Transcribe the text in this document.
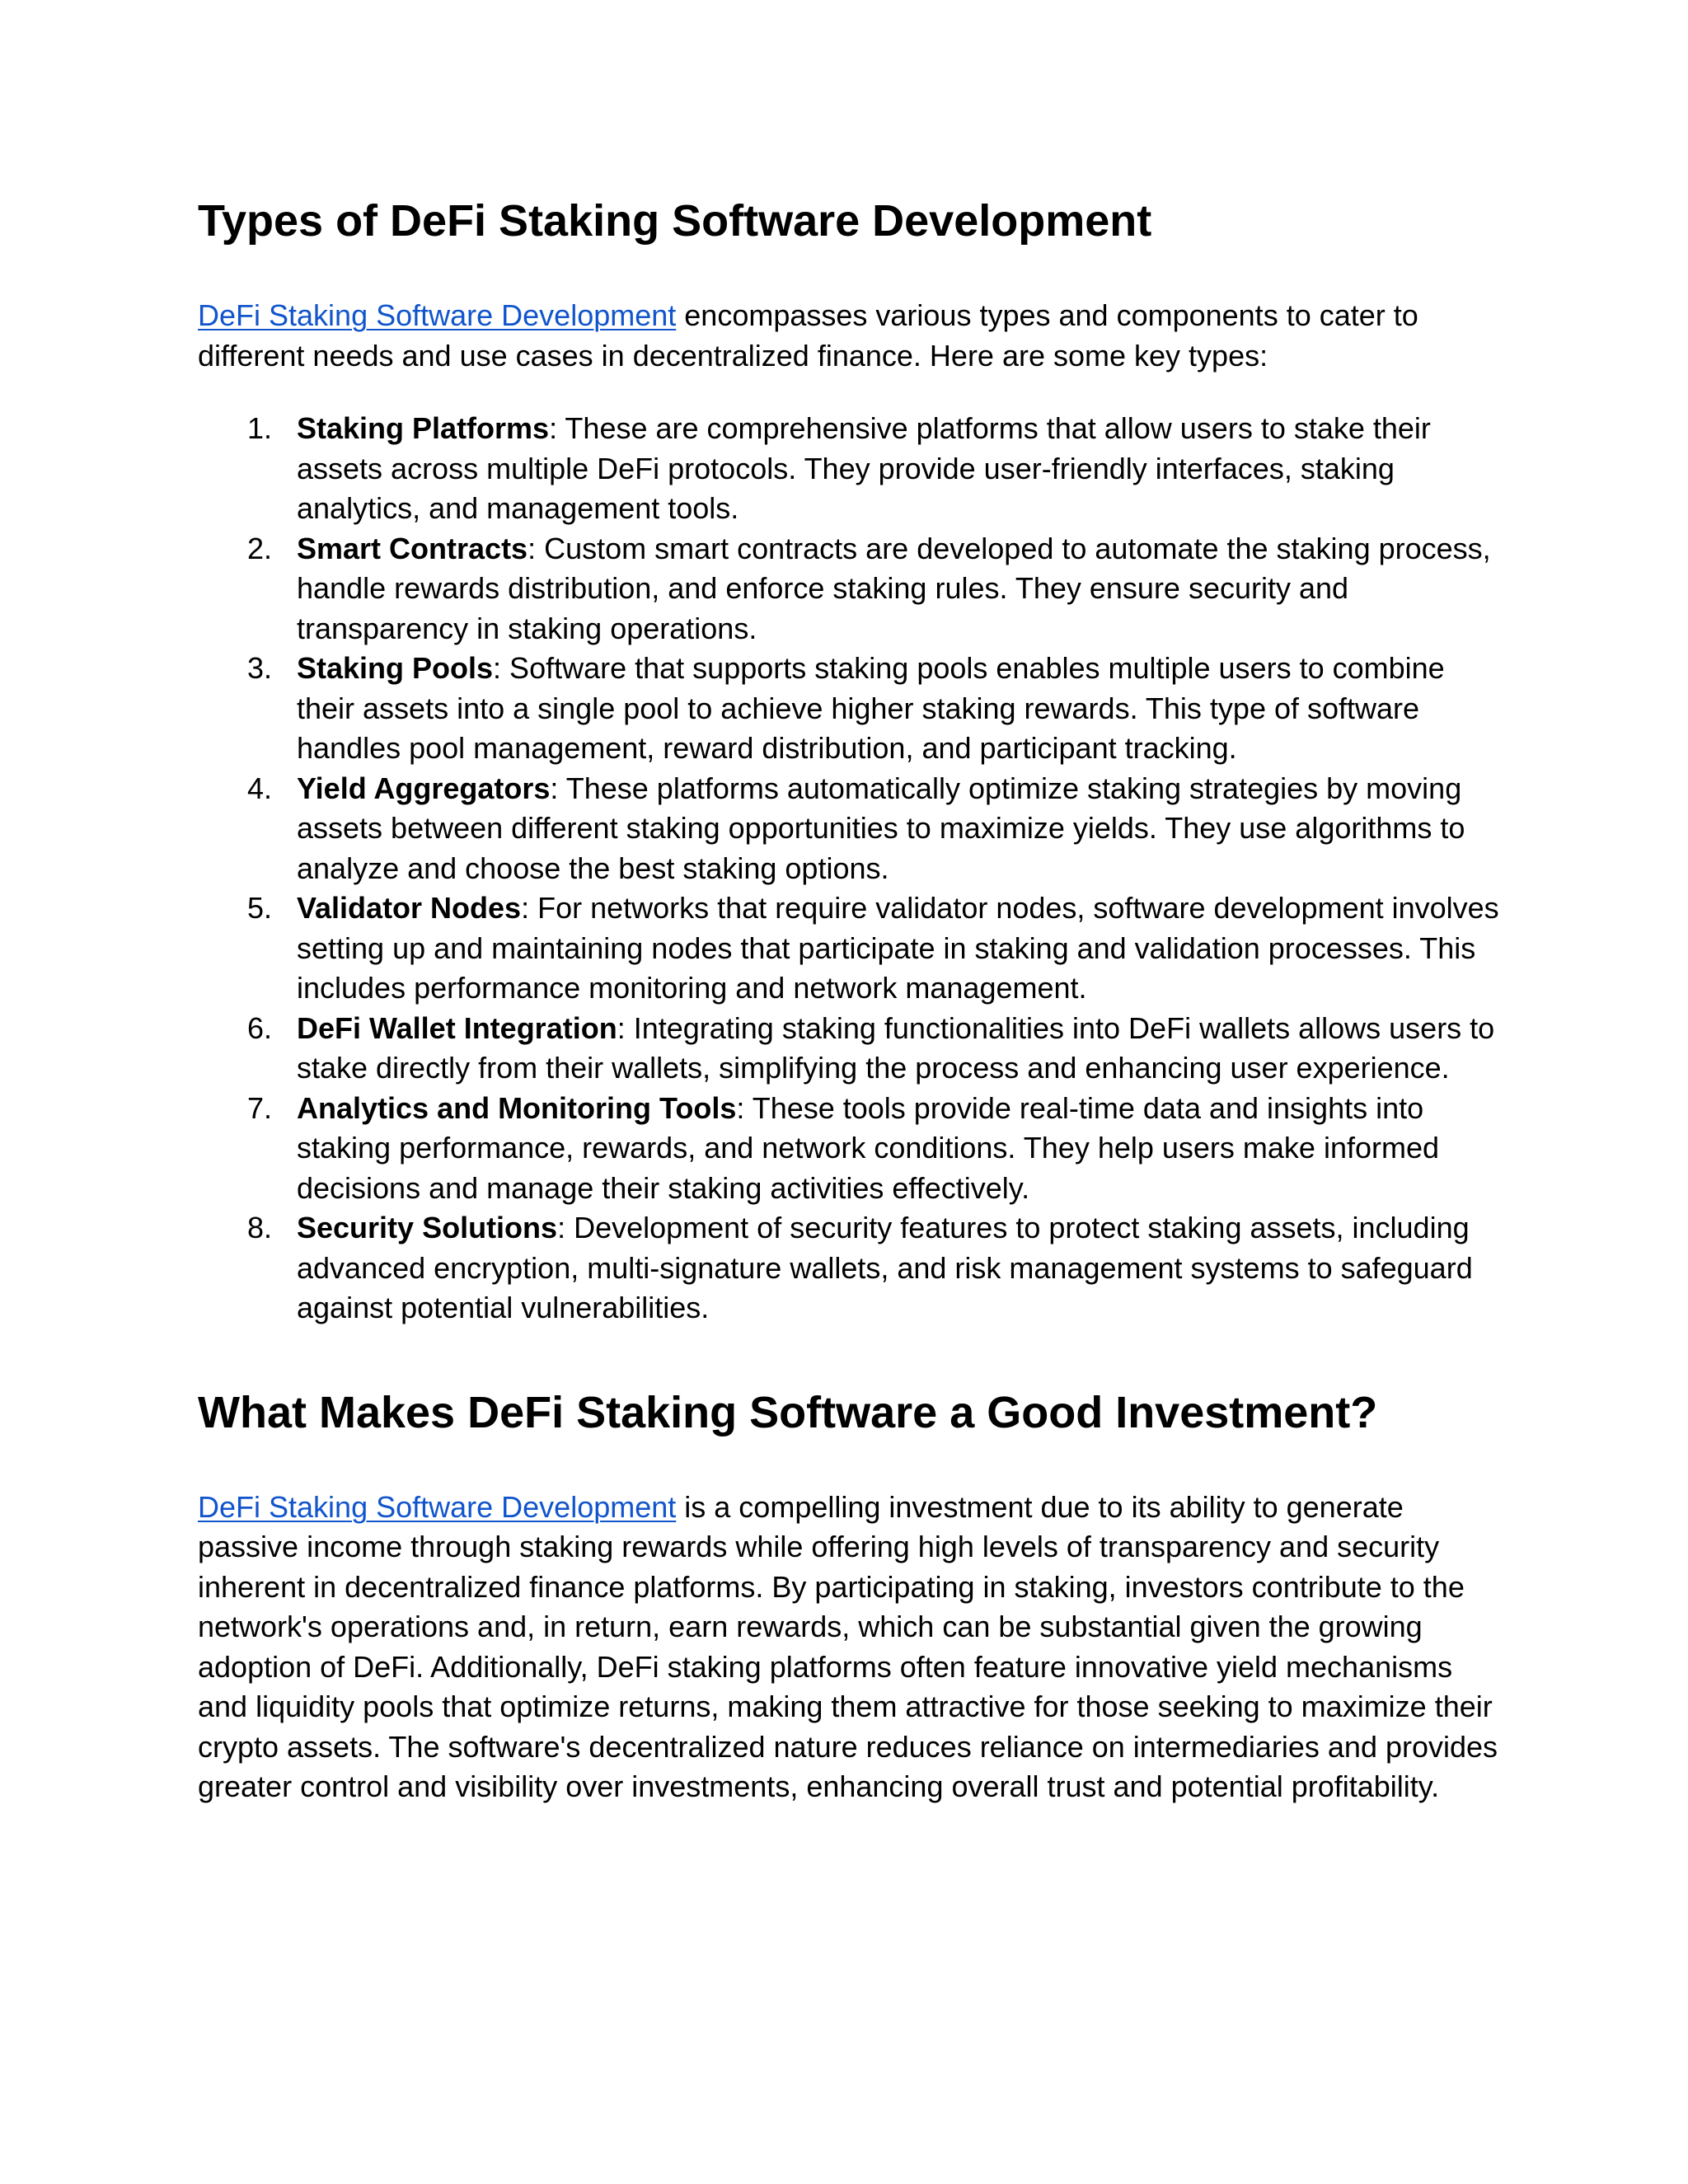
Types of DeFi Staking Software Development

DeFi Staking Software Development encompasses various types and components to cater to different needs and use cases in decentralized finance. Here are some key types:

1. Staking Platforms: These are comprehensive platforms that allow users to stake their assets across multiple DeFi protocols. They provide user-friendly interfaces, staking analytics, and management tools.
2. Smart Contracts: Custom smart contracts are developed to automate the staking process, handle rewards distribution, and enforce staking rules. They ensure security and transparency in staking operations.
3. Staking Pools: Software that supports staking pools enables multiple users to combine their assets into a single pool to achieve higher staking rewards. This type of software handles pool management, reward distribution, and participant tracking.
4. Yield Aggregators: These platforms automatically optimize staking strategies by moving assets between different staking opportunities to maximize yields. They use algorithms to analyze and choose the best staking options.
5. Validator Nodes: For networks that require validator nodes, software development involves setting up and maintaining nodes that participate in staking and validation processes. This includes performance monitoring and network management.
6. DeFi Wallet Integration: Integrating staking functionalities into DeFi wallets allows users to stake directly from their wallets, simplifying the process and enhancing user experience.
7. Analytics and Monitoring Tools: These tools provide real-time data and insights into staking performance, rewards, and network conditions. They help users make informed decisions and manage their staking activities effectively.
8. Security Solutions: Development of security features to protect staking assets, including advanced encryption, multi-signature wallets, and risk management systems to safeguard against potential vulnerabilities.
What Makes DeFi Staking Software a Good Investment?

DeFi Staking Software Development is a compelling investment due to its ability to generate passive income through staking rewards while offering high levels of transparency and security inherent in decentralized finance platforms. By participating in staking, investors contribute to the network's operations and, in return, earn rewards, which can be substantial given the growing adoption of DeFi. Additionally, DeFi staking platforms often feature innovative yield mechanisms and liquidity pools that optimize returns, making them attractive for those seeking to maximize their crypto assets. The software's decentralized nature reduces reliance on intermediaries and provides greater control and visibility over investments, enhancing overall trust and potential profitability.
